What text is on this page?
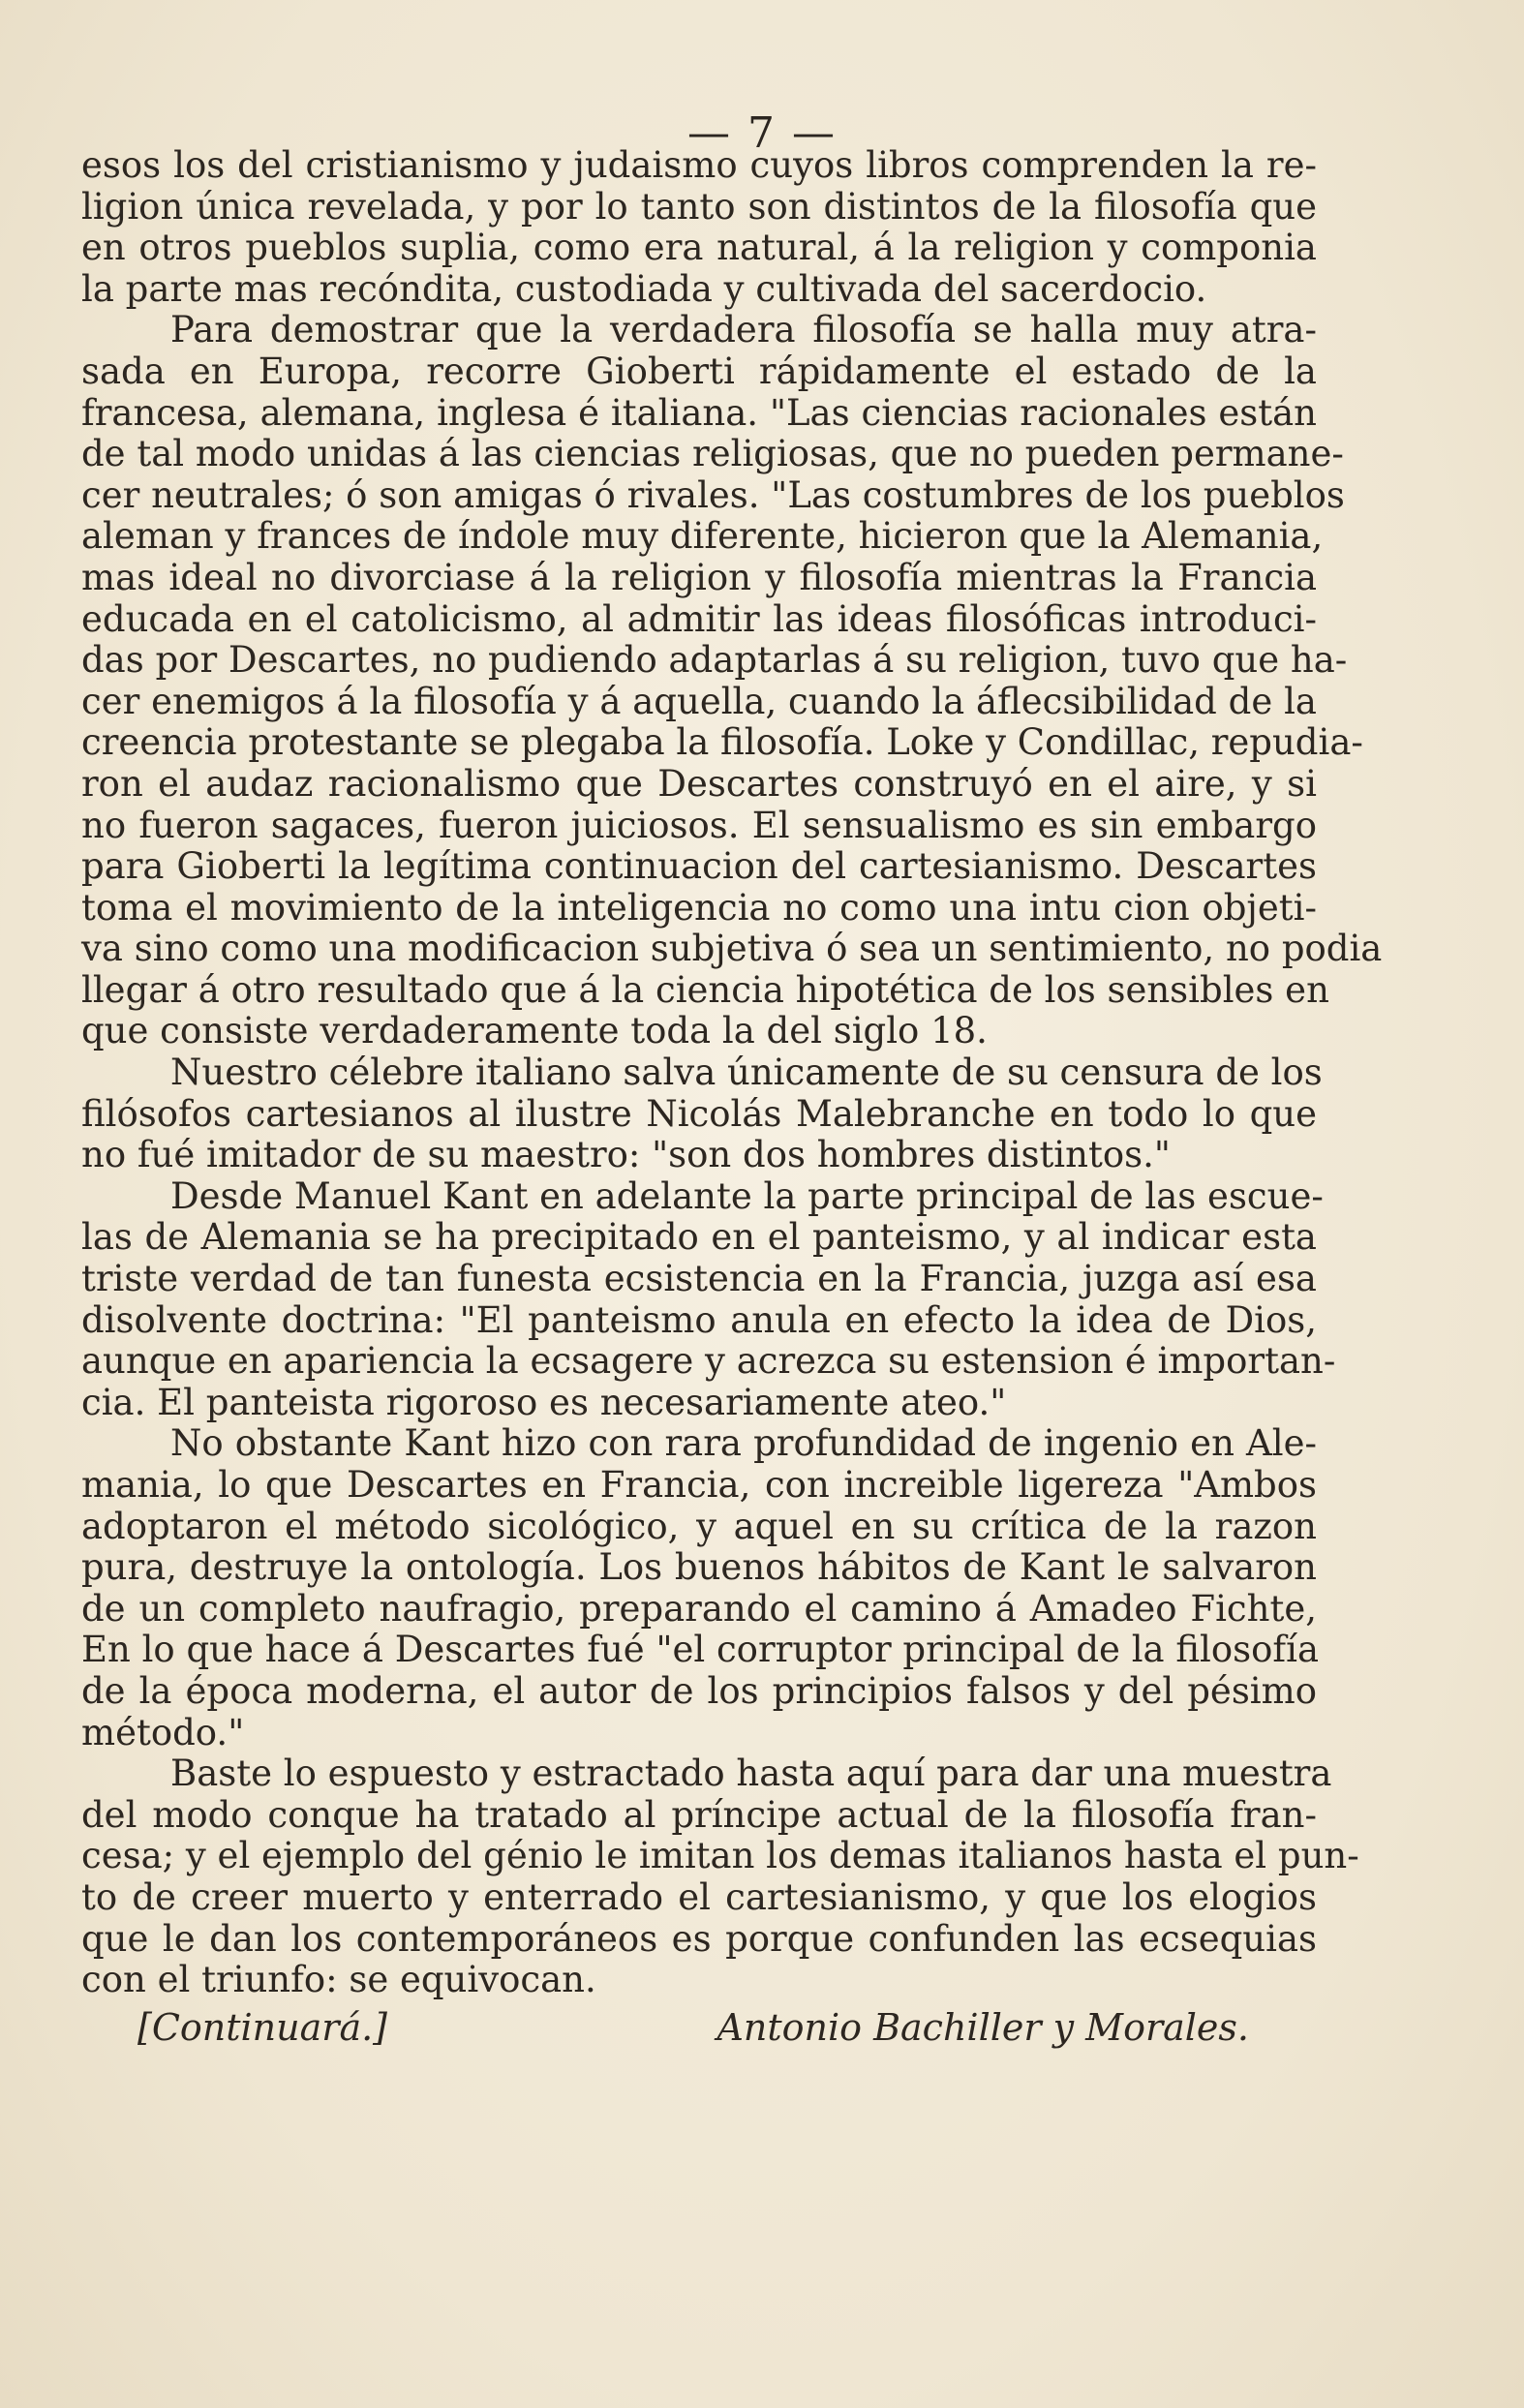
— 7 —
esos los del cristianismo y judaismo cuyos libros comprenden la re-
ligion única revelada, y por lo tanto son distintos de la filosofía que
en otros pueblos suplia, como era natural, á la religion y componia
la parte mas recóndita, custodiada y cultivada del sacerdocio.
Para demostrar que la verdadera filosofía se halla muy atra-
sada en Europa, recorre Gioberti rápidamente el estado de la
francesa, alemana, inglesa é italiana. "Las ciencias racionales están
de tal modo unidas á las ciencias religiosas, que no pueden permane-
cer neutrales; ó son amigas ó rivales. "Las costumbres de los pueblos
aleman y frances de índole muy diferente, hicieron que la Alemania,
mas ideal no divorciase á la religion y filosofía mientras la Francia
educada en el catolicismo, al admitir las ideas filosóficas introduci-
das por Descartes, no pudiendo adaptarlas á su religion, tuvo que ha-
cer enemigos á la filosofía y á aquella, cuando la áflecsibilidad de la
creencia protestante se plegaba la filosofía. Loke y Condillac, repudia-
ron el audaz racionalismo que Descartes construyó en el aire, y si
no fueron sagaces, fueron juiciosos. El sensualismo es sin embargo
para Gioberti la legítima continuacion del cartesianismo. Descartes
toma el movimiento de la inteligencia no como una intu cion objeti-
va sino como una modificacion subjetiva ó sea un sentimiento, no podia
llegar á otro resultado que á la ciencia hipotética de los sensibles en
que consiste verdaderamente toda la del siglo 18.
Nuestro célebre italiano salva únicamente de su censura de los
filósofos cartesianos al ilustre Nicolás Malebranche en todo lo que
no fué imitador de su maestro: "son dos hombres distintos."
Desde Manuel Kant en adelante la parte principal de las escue-
las de Alemania se ha precipitado en el panteismo, y al indicar esta
triste verdad de tan funesta ecsistencia en la Francia, juzga así esa
disolvente doctrina: "El panteismo anula en efecto la idea de Dios,
aunque en apariencia la ecsagere y acrezca su estension é importan-
cia. El panteista rigoroso es necesariamente ateo."
No obstante Kant hizo con rara profundidad de ingenio en Ale-
mania, lo que Descartes en Francia, con increible ligereza "Ambos
adoptaron el método sicológico, y aquel en su crítica de la razon
pura, destruye la ontología. Los buenos hábitos de Kant le salvaron
de un completo naufragio, preparando el camino á Amadeo Fichte,
En lo que hace á Descartes fué "el corruptor principal de la filosofía
de la época moderna, el autor de los principios falsos y del pésimo
método."
Baste lo espuesto y estractado hasta aquí para dar una muestra
del modo conque ha tratado al príncipe actual de la filosofía fran-
cesa; y el ejemplo del génio le imitan los demas italianos hasta el pun-
to de creer muerto y enterrado el cartesianismo, y que los elogios
que le dan los contemporáneos es porque confunden las ecsequias
con el triunfo: se equivocan.
[Continuará.]	Antonio Bachiller y Morales.
